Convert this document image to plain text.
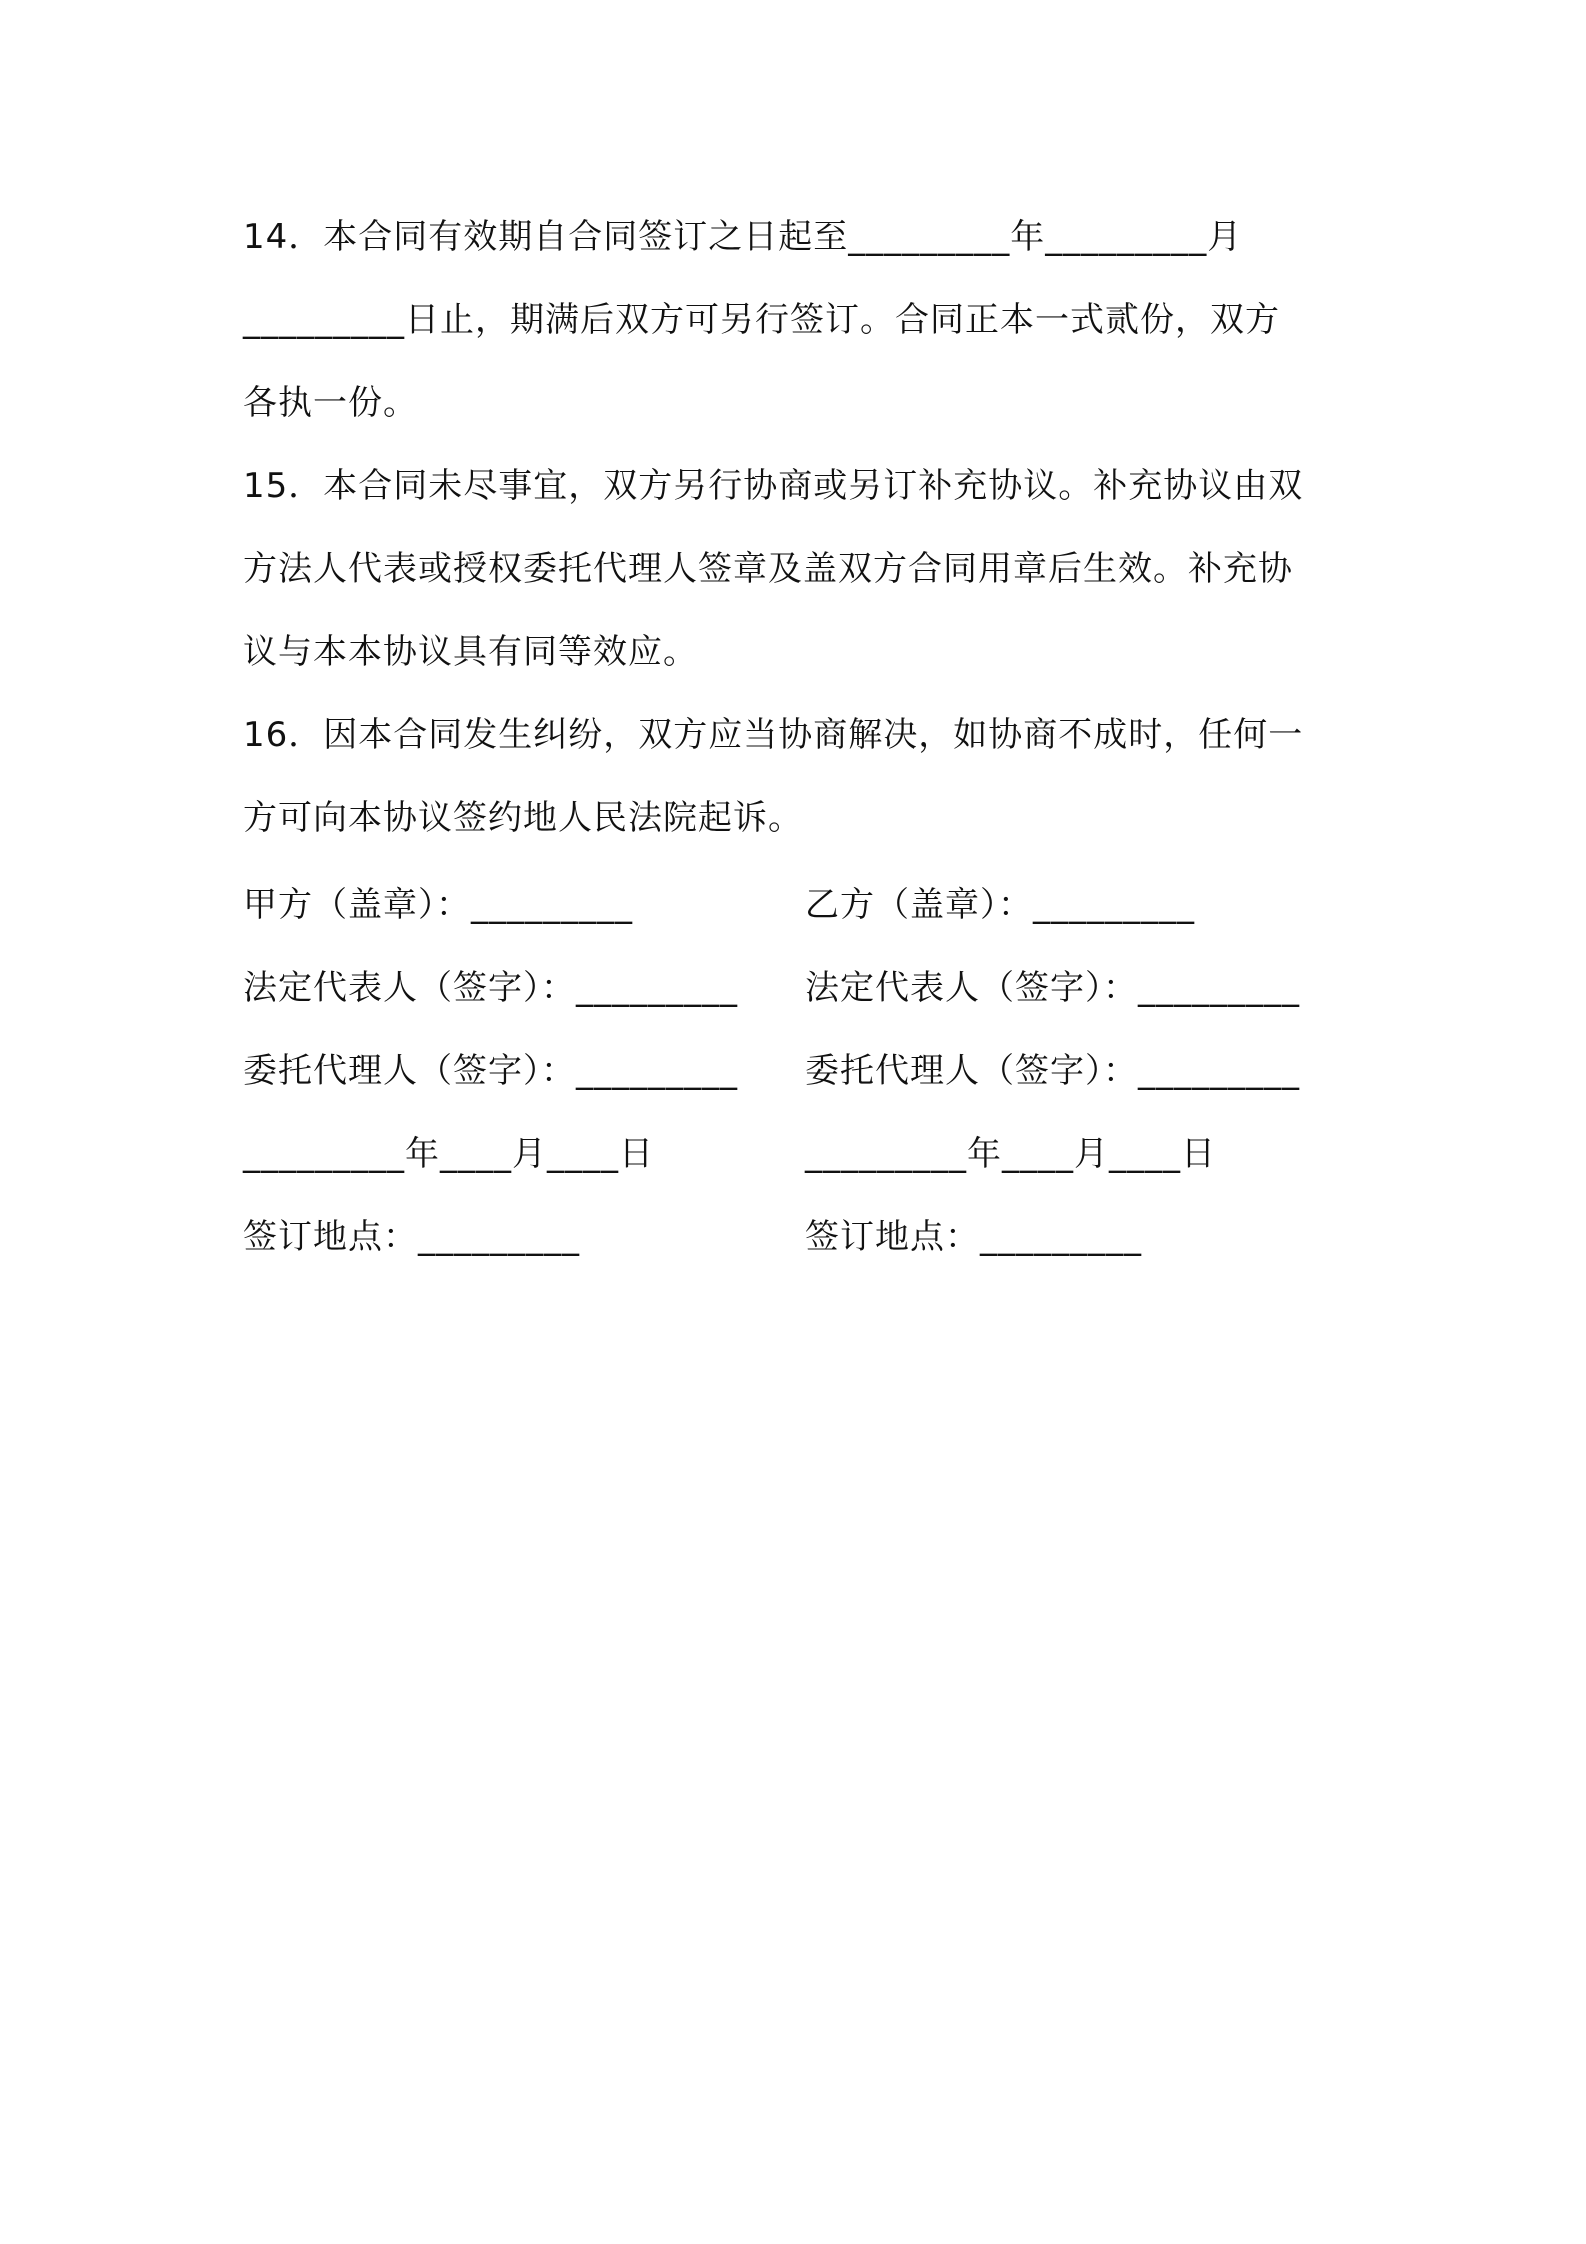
14．本合同有效期自合同签订之日起至_________年_________月
_________日止，期满后双方可另行签订。合同正本一式贰份，双方
各执一份。
15．本合同未尽事宜，双方另行协商或另订补充协议。补充协议由双
方法人代表或授权委托代理人签章及盖双方合同用章后生效。补充协
议与本本协议具有同等效应。
16．因本合同发生纠纷，双方应当协商解决，如协商不成时，任何一
方可向本协议签约地人民法院起诉。
甲方（盖章）：_________	乙方（盖章）：_________
法定代表人（签字）：_________	法定代表人（签字）：_________
委托代理人（签字）：_________	委托代理人（签字）：_________
_________年____月____日	_________年____月____日
签订地点：_________	签订地点：_________
